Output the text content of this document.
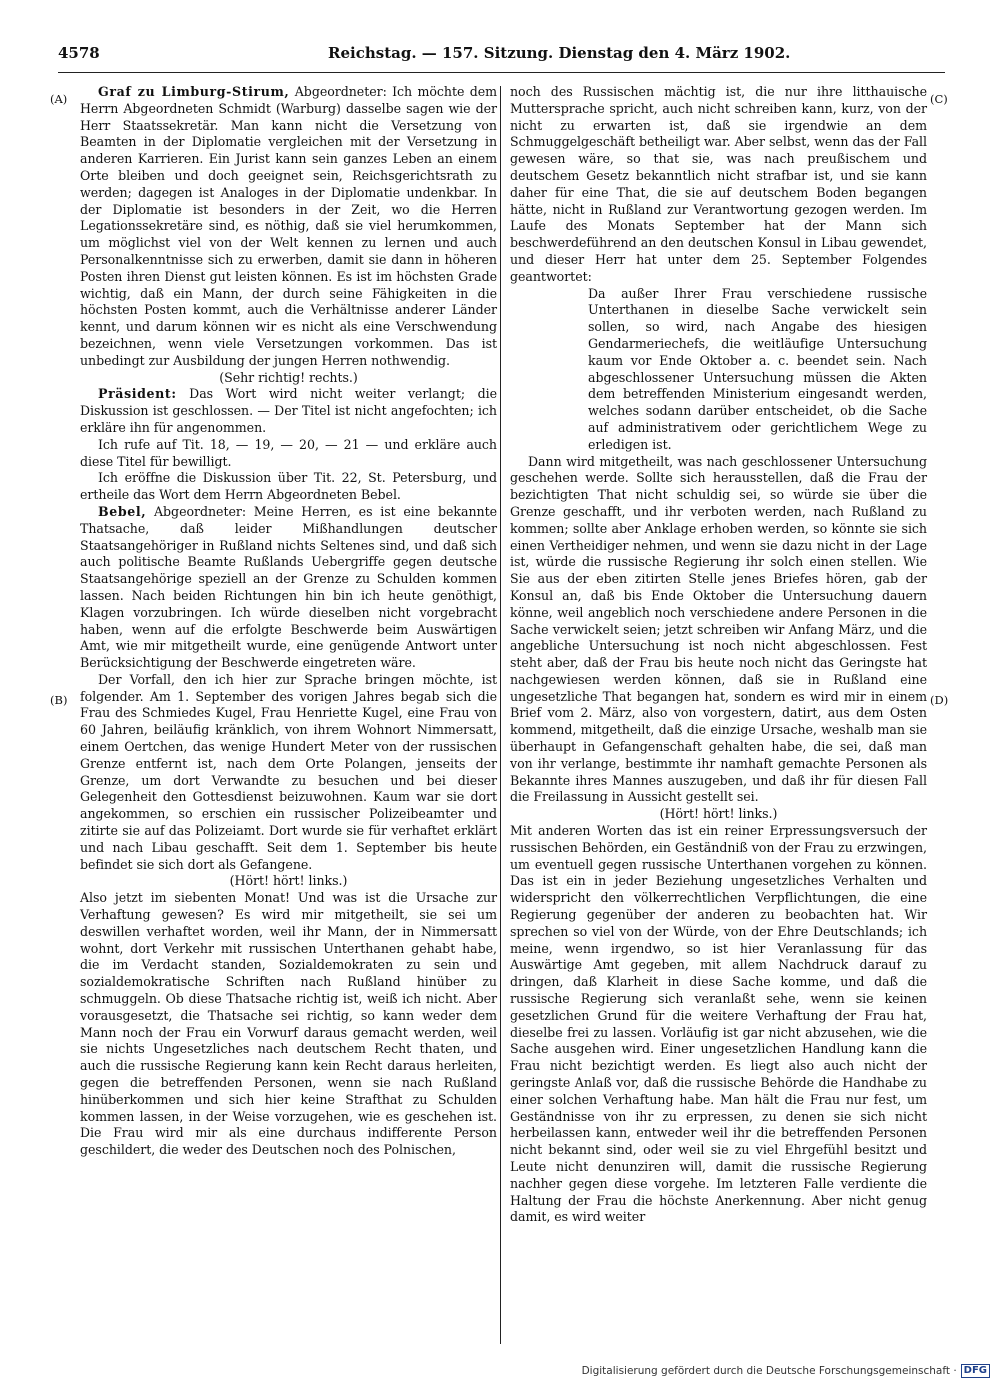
4578	Reichstag. — 157. Sitzung. Dienstag den 4. März 1902.
(A)
(B)
(C)
(D)

Graf zu Limburg-Stirum, Abgeordneter: Ich möchte dem Herrn Abgeordneten Schmidt (Warburg) dasselbe sagen wie der Herr Staatssekretär. Man kann nicht die Versetzung von Beamten in der Diplomatie vergleichen mit der Versetzung in anderen Karrieren. Ein Jurist kann sein ganzes Leben an einem Orte bleiben und doch geeignet sein, Reichsgerichtsrath zu werden; dagegen ist Analoges in der Diplomatie undenkbar. In der Diplomatie ist besonders in der Zeit, wo die Herren Legationssekretäre sind, es nöthig, daß sie viel herumkommen, um möglichst viel von der Welt kennen zu lernen und auch Personalkenntnisse sich zu erwerben, damit sie dann in höheren Posten ihren Dienst gut leisten können. Es ist im höchsten Grade wichtig, daß ein Mann, der durch seine Fähigkeiten in die höchsten Posten kommt, auch die Verhältnisse anderer Länder kennt, und darum können wir es nicht als eine Verschwendung bezeichnen, wenn viele Versetzungen vorkommen. Das ist unbedingt zur Ausbildung der jungen Herren nothwendig.

(Sehr richtig! rechts.)

Präsident: Das Wort wird nicht weiter verlangt; die Diskussion ist geschlossen. — Der Titel ist nicht angefochten; ich erkläre ihn für angenommen.

Ich rufe auf Tit. 18, — 19, — 20, — 21 — und erkläre auch diese Titel für bewilligt.

Ich eröffne die Diskussion über Tit. 22, St. Petersburg, und ertheile das Wort dem Herrn Abgeordneten Bebel.

Bebel, Abgeordneter: Meine Herren, es ist eine bekannte Thatsache, daß leider Mißhandlungen deutscher Staatsangehöriger in Rußland nichts Seltenes sind, und daß sich auch politische Beamte Rußlands Uebergriffe gegen deutsche Staatsangehörige speziell an der Grenze zu Schulden kommen lassen. Nach beiden Richtungen hin bin ich heute genöthigt, Klagen vorzubringen. Ich würde dieselben nicht vorgebracht haben, wenn auf die erfolgte Beschwerde beim Auswärtigen Amt, wie mir mitgetheilt wurde, eine genügende Antwort unter Berücksichtigung der Beschwerde eingetreten wäre.

Der Vorfall, den ich hier zur Sprache bringen möchte, ist folgender. Am 1. September des vorigen Jahres begab sich die Frau des Schmiedes Kugel, Frau Henriette Kugel, eine Frau von 60 Jahren, beiläufig kränklich, von ihrem Wohnort Nimmersatt, einem Oertchen, das wenige Hundert Meter von der russischen Grenze entfernt ist, nach dem Orte Polangen, jenseits der Grenze, um dort Verwandte zu besuchen und bei dieser Gelegenheit den Gottesdienst beizuwohnen. Kaum war sie dort angekommen, so erschien ein russischer Polizeibeamter und zitirte sie auf das Polizeiamt. Dort wurde sie für verhaftet erklärt und nach Libau geschafft. Seit dem 1. September bis heute befindet sie sich dort als Gefangene.

(Hört! hört! links.)

Also jetzt im siebenten Monat! Und was ist die Ursache zur Verhaftung gewesen? Es wird mir mitgetheilt, sie sei um deswillen verhaftet worden, weil ihr Mann, der in Nimmersatt wohnt, dort Verkehr mit russischen Unterthanen gehabt habe, die im Verdacht standen, Sozialdemokraten zu sein und sozialdemokratische Schriften nach Rußland hinüber zu schmuggeln. Ob diese Thatsache richtig ist, weiß ich nicht. Aber vorausgesetzt, die Thatsache sei richtig, so kann weder dem Mann noch der Frau ein Vorwurf daraus gemacht werden, weil sie nichts Ungesetzliches nach deutschem Recht thaten, und auch die russische Regierung kann kein Recht daraus herleiten, gegen die betreffenden Personen, wenn sie nach Rußland hinüberkommen und sich hier keine Strafthat zu Schulden kommen lassen, in der Weise vorzugehen, wie es geschehen ist. Die Frau wird mir als eine durchaus indifferente Person geschildert, die weder des Deutschen noch des Polnischen,

noch des Russischen mächtig ist, die nur ihre litthauische Muttersprache spricht, auch nicht schreiben kann, kurz, von der nicht zu erwarten ist, daß sie irgendwie an dem Schmuggelgeschäft betheiligt war. Aber selbst, wenn das der Fall gewesen wäre, so that sie, was nach preußischem und deutschem Gesetz bekanntlich nicht strafbar ist, und sie kann daher für eine That, die sie auf deutschem Boden begangen hätte, nicht in Rußland zur Verantwortung gezogen werden. Im Laufe des Monats September hat der Mann sich beschwerdeführend an den deutschen Konsul in Libau gewendet, und dieser Herr hat unter dem 25. September Folgendes geantwortet:

Da außer Ihrer Frau verschiedene russische Unterthanen in dieselbe Sache verwickelt sein sollen, so wird, nach Angabe des hiesigen Gendarmeriechefs, die weitläufige Untersuchung kaum vor Ende Oktober a. c. beendet sein. Nach abgeschlossener Untersuchung müssen die Akten dem betreffenden Ministerium eingesandt werden, welches sodann darüber entscheidet, ob die Sache auf administrativem oder gerichtlichem Wege zu erledigen ist.

Dann wird mitgetheilt, was nach geschlossener Untersuchung geschehen werde. Sollte sich herausstellen, daß die Frau der bezichtigten That nicht schuldig sei, so würde sie über die Grenze geschafft, und ihr verboten werden, nach Rußland zu kommen; sollte aber Anklage erhoben werden, so könnte sie sich einen Vertheidiger nehmen, und wenn sie dazu nicht in der Lage ist, würde die russische Regierung ihr solch einen stellen. Wie Sie aus der eben zitirten Stelle jenes Briefes hören, gab der Konsul an, daß bis Ende Oktober die Untersuchung dauern könne, weil angeblich noch verschiedene andere Personen in die Sache verwickelt seien; jetzt schreiben wir Anfang März, und die angebliche Untersuchung ist noch nicht abgeschlossen. Fest steht aber, daß der Frau bis heute noch nicht das Geringste hat nachgewiesen werden können, daß sie in Rußland eine ungesetzliche That begangen hat, sondern es wird mir in einem Brief vom 2. März, also von vorgestern, datirt, aus dem Osten kommend, mitgetheilt, daß die einzige Ursache, weshalb man sie überhaupt in Gefangenschaft gehalten habe, die sei, daß man von ihr verlange, bestimmte ihr namhaft gemachte Personen als Bekannte ihres Mannes auszugeben, und daß ihr für diesen Fall die Freilassung in Aussicht gestellt sei.

(Hört! hört! links.)

Mit anderen Worten das ist ein reiner Erpressungsversuch der russischen Behörden, ein Geständniß von der Frau zu erzwingen, um eventuell gegen russische Unterthanen vorgehen zu können. Das ist ein in jeder Beziehung ungesetzliches Verhalten und widerspricht den völkerrechtlichen Verpflichtungen, die eine Regierung gegenüber der anderen zu beobachten hat. Wir sprechen so viel von der Würde, von der Ehre Deutschlands; ich meine, wenn irgendwo, so ist hier Veranlassung für das Auswärtige Amt gegeben, mit allem Nachdruck darauf zu dringen, daß Klarheit in diese Sache komme, und daß die russische Regierung sich veranlaßt sehe, wenn sie keinen gesetzlichen Grund für die weitere Verhaftung der Frau hat, dieselbe frei zu lassen. Vorläufig ist gar nicht abzusehen, wie die Sache ausgehen wird. Einer ungesetzlichen Handlung kann die Frau nicht bezichtigt werden. Es liegt also auch nicht der geringste Anlaß vor, daß die russische Behörde die Handhabe zu einer solchen Verhaftung habe. Man hält die Frau nur fest, um Geständnisse von ihr zu erpressen, zu denen sie sich nicht herbeilassen kann, entweder weil ihr die betreffenden Personen nicht bekannt sind, oder weil sie zu viel Ehrgefühl besitzt und Leute nicht denunziren will, damit die russische Regierung nachher gegen diese vorgehe. Im letzteren Falle verdiente die Haltung der Frau die höchste Anerkennung. Aber nicht genug damit, es wird weiter

Digitalisierung gefördert durch die Deutsche Forschungsgemeinschaft · DFG
